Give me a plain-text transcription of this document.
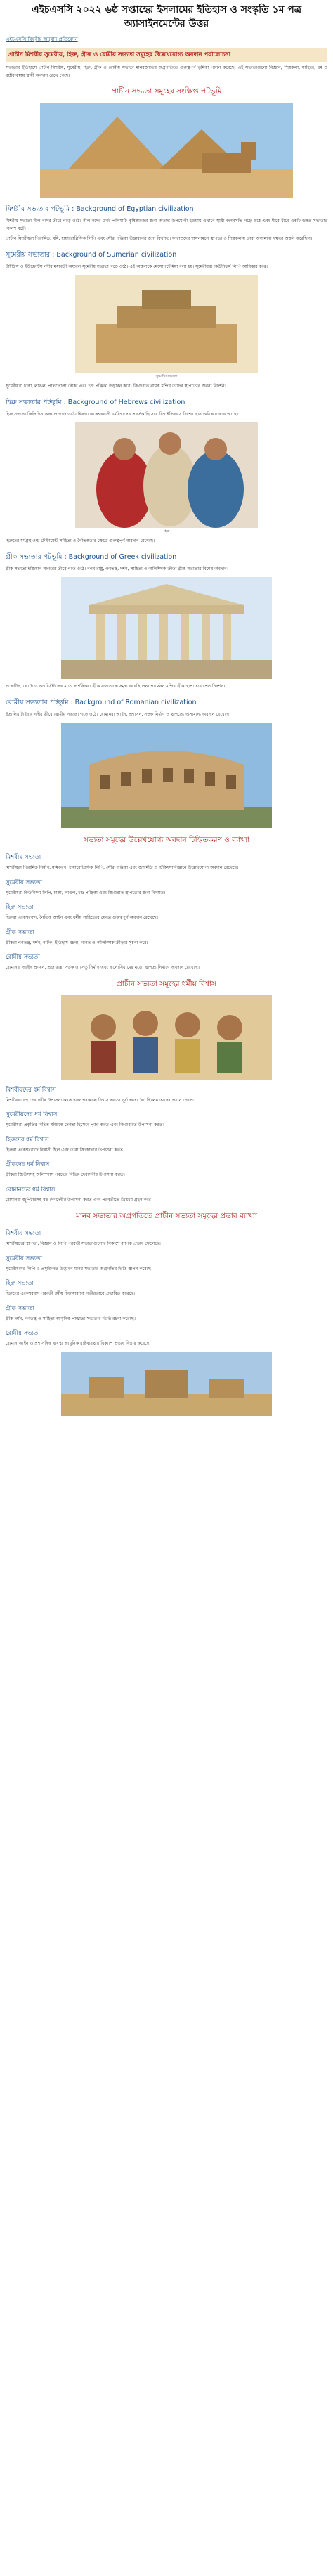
এইচএসসি ২০২২ ৬ষ্ঠ সপ্তাহের ইসলামের ইতিহাস ও সংস্কৃতি ১ম পত্র অ্যাসাইনমেন্টের উত্তর
এইচএসসি বিষুবীয় অনুবাদ প্রতিবেদন
প্রাচীন মিশরীয় সুমেরীয়, হিব্রু, গ্রীক ও রোমীয় সভ্যতা সমূহের উল্লেখযোগ্য অবদান পর্যালোচনা

সভ্যতার ইতিহাসে প্রাচীন মিশরীয়, সুমেরীয়, হিব্রু, গ্রীক ও রোমীয় সভ্যতা মানবজাতির অগ্রগতিতে গুরুত্বপূর্ণ ভূমিকা পালন করেছে। এই সভ্যতাগুলো বিজ্ঞান, শিল্পকলা, সাহিত্য, ধর্ম ও রাষ্ট্রব্যবস্থায় স্থায়ী অবদান রেখে গেছে।

প্রাচীন সভ্যতা সমূহের সংক্ষিপ্ত পটভূমি
মিশরীয় সভ্যতার পটভূমি : Background of Egyptian civilization

মিশরীয় সভ্যতা নীল নদের তীরে গড়ে ওঠে। নীল নদের উর্বর পলিমাটি কৃষিকাজের জন্য অত্যন্ত উপযোগী হওয়ায় এখানে স্থায়ী জনবসতি গড়ে ওঠে এবং ধীরে ধীরে একটি উন্নত সভ্যতার বিকাশ ঘটে।

প্রাচীন মিশরীয়রা পিরামিড, মমি, হায়ারোগ্লিফিক লিপি এবং সৌর পঞ্জিকা উদ্ভাবনের জন্য বিখ্যাত। ফারাওদের শাসনামলে স্থাপত্য ও শিল্পকলায় তারা অসামান্য দক্ষতা অর্জন করেছিল।

সুমেরীয় সভ্যতার : Background of Sumerian civilization

টাইগ্রিস ও ইউফ্রেটিস নদীর মধ্যবর্তী অঞ্চলে সুমেরীয় সভ্যতা গড়ে ওঠে। এই অঞ্চলকে মেসোপটেমিয়া বলা হয়। সুমেরীয়রা কিউনিফর্ম লিপি আবিষ্কার করে।

সুমেরীয় সভ্যতা

সুমেরীয়রা চাকা, লাঙল, পালতোলা নৌকা এবং চন্দ্র পঞ্জিকা উদ্ভাবন করে। জিগুরাত নামক মন্দির তাদের স্থাপত্যের অনন্য নিদর্শন।

হিব্রু সভ্যতার পটভূমি : Background of Hebrews civilization

হিব্রু সভ্যতা ফিলিস্তিন অঞ্চলে গড়ে ওঠে। হিব্রুরা একেশ্বরবাদী ধর্মবিশ্বাসের প্রবর্তক হিসেবে বিশ্ব ইতিহাসে বিশেষ স্থান অধিকার করে আছে।

হিব্রু

হিব্রুদের ধর্মগ্রন্থ ওল্ড টেস্টামেন্ট সাহিত্য ও নৈতিকতার ক্ষেত্রে গুরুত্বপূর্ণ অবদান রেখেছে।

গ্রীক সভ্যতার পটভূমি : Background of Greek civilization

গ্রীক সভ্যতা ইজিয়ান সাগরের তীরে গড়ে ওঠে। নগর রাষ্ট্র, গণতন্ত্র, দর্শন, সাহিত্য ও অলিম্পিক ক্রীড়া গ্রীক সভ্যতার বিশেষ অবদান।

সক্রেটিস, প্লেটো ও অ্যারিস্টটলের মতো দার্শনিকরা গ্রীক সভ্যতাকে সমৃদ্ধ করেছিলেন। পার্থেনন মন্দির গ্রীক স্থাপত্যের শ্রেষ্ঠ নিদর্শন।

রোমীয় সভ্যতার পটভূমি : Background of Romanian civilization

ইতালির টাইবার নদীর তীরে রোমীয় সভ্যতা গড়ে ওঠে। রোমানরা আইন, প্রশাসন, সড়ক নির্মাণ ও স্থাপত্যে অসামান্য অবদান রেখেছে।

সভ্যতা সমূহের উল্লেখযোগ্য অবদান চিহ্নিতকরণ ও ব্যাখ্যা
মিশরীয় সভ্যতা

মিশরীয়রা পিরামিড নির্মাণ, মমিকরণ, হায়ারোগ্লিফিক লিপি, সৌর পঞ্জিকা এবং জ্যামিতি ও চিকিৎসাবিজ্ঞানে উল্লেখযোগ্য অবদান রেখেছে।

সুমেরীয় সভ্যতা

সুমেরীয়রা কিউনিফর্ম লিপি, চাকা, লাঙল, চন্দ্র পঞ্জিকা এবং জিগুরাত স্থাপত্যের জন্য বিখ্যাত।

হিব্রু সভ্যতা

হিব্রুরা একেশ্বরবাদ, নৈতিক আইন এবং ধর্মীয় সাহিত্যের ক্ষেত্রে গুরুত্বপূর্ণ অবদান রেখেছে।

গ্রীক সভ্যতা

গ্রীকরা গণতন্ত্র, দর্শন, নাটক, ইতিহাস রচনা, গণিত ও অলিম্পিক ক্রীড়ার সূচনা করে।

রোমীয় সভ্যতা

রোমানরা আইন প্রণয়ন, প্রজাতন্ত্র, সড়ক ও সেতু নির্মাণ এবং কলোসিয়ামের মতো স্থাপত্য নির্মাণে অবদান রেখেছে।

প্রাচীন সভ্যতা সমূহের ধর্মীয় বিশ্বাস
মিশরীয়দের ধর্ম বিশ্বাস

মিশরীয়রা বহু দেবদেবীর উপাসনা করত এবং পরকালে বিশ্বাস করত। সূর্যদেবতা 'রা' ছিলেন তাদের প্রধান দেবতা।

সুমেরীয়দের ধর্ম বিশ্বাস

সুমেরীয়রা প্রকৃতির বিভিন্ন শক্তিকে দেবতা হিসেবে পূজা করত এবং জিগুরাতে উপাসনা করত।

হিব্রুদের ধর্ম বিশ্বাস

হিব্রুরা একেশ্বরবাদে বিশ্বাসী ছিল এবং তারা জিহোভার উপাসনা করত।

গ্রীকদের ধর্ম বিশ্বাস

গ্রীকরা জিউসসহ অলিম্পাস পর্বতের বিভিন্ন দেবদেবীর উপাসনা করত।

রোমানদের ধর্ম বিশ্বাস

রোমানরা জুপিটারসহ বহু দেবদেবীর উপাসনা করত এবং পরবর্তীতে খ্রিষ্টধর্ম গ্রহণ করে।

মানব সভ্যতার অগ্রগতিতে প্রাচীন সভ্যতা সমূহের প্রভাব ব্যাখ্যা
মিশরীয় সভ্যতা

মিশরীয়দের স্থাপত্য, বিজ্ঞান ও লিপি পরবর্তী সভ্যতাগুলোর বিকাশে ব্যাপক প্রভাব ফেলেছে।

সুমেরীয় সভ্যতা

সুমেরীয়দের লিপি ও প্রযুক্তিগত উদ্ভাবন মানব সভ্যতার অগ্রগতির ভিত্তি স্থাপন করেছে।

হিব্রু সভ্যতা

হিব্রুদের একেশ্বরবাদ পরবর্তী ধর্মীয় চিন্তাধারাকে গভীরভাবে প্রভাবিত করেছে।

গ্রীক সভ্যতা

গ্রীক দর্শন, গণতন্ত্র ও সাহিত্য আধুনিক পাশ্চাত্য সভ্যতার ভিত্তি রচনা করেছে।

রোমীয় সভ্যতা

রোমান আইন ও প্রশাসনিক ব্যবস্থা আধুনিক রাষ্ট্রব্যবস্থার বিকাশে প্রভাব বিস্তার করেছে।
